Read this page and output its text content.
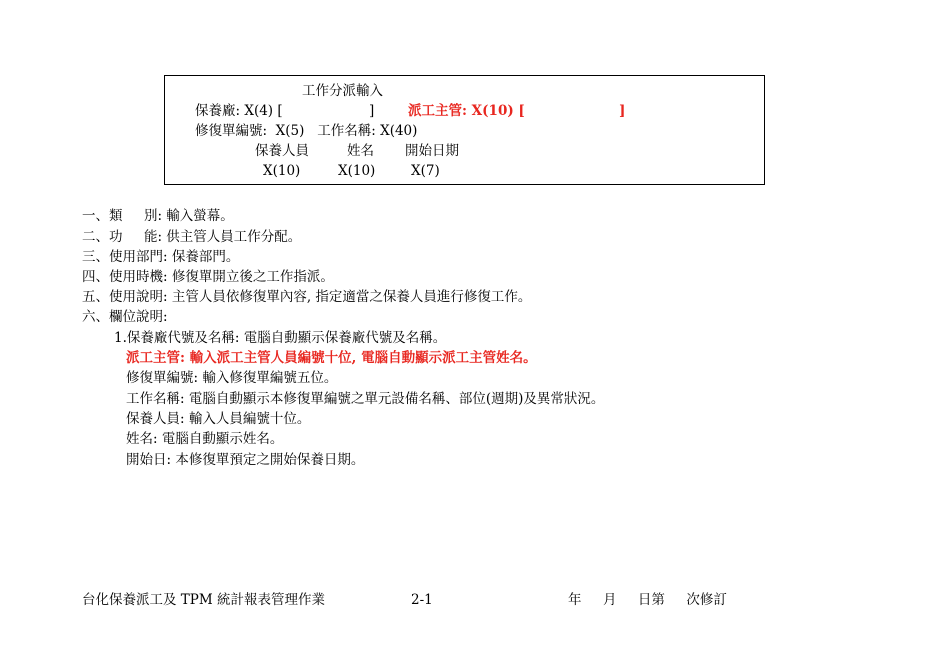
工作分派輸入
保養廠: X(4) [	] 派工主管: X(10) [	]
修復單編號:  X(5)   工作名稱: X(40)
保養人員	姓名 開始日期
X(10)	X(10)	X(7)
一、類     別: 輸入螢幕。
二、功     能: 供主管人員工作分配。
三、使用部門: 保養部門。
四、使用時機: 修復單開立後之工作指派。
五、使用說明: 主管人員依修復單內容, 指定適當之保養人員進行修復工作。
六、欄位說明:
1.保養廠代號及名稱: 電腦自動顯示保養廠代號及名稱。
派工主管: 輸入派工主管人員編號十位, 電腦自動顯示派工主管姓名。
修復單編號: 輸入修復單編號五位。
工作名稱: 電腦自動顯示本修復單編號之單元設備名稱、部位(週期)及異常狀況。
保養人員: 輸入人員編號十位。
姓名: 電腦自動顯示姓名。
開始日: 本修復單預定之開始保養日期。
台化保養派工及 TPM 統計報表管理作業	2-1	年     月     日第     次修訂
